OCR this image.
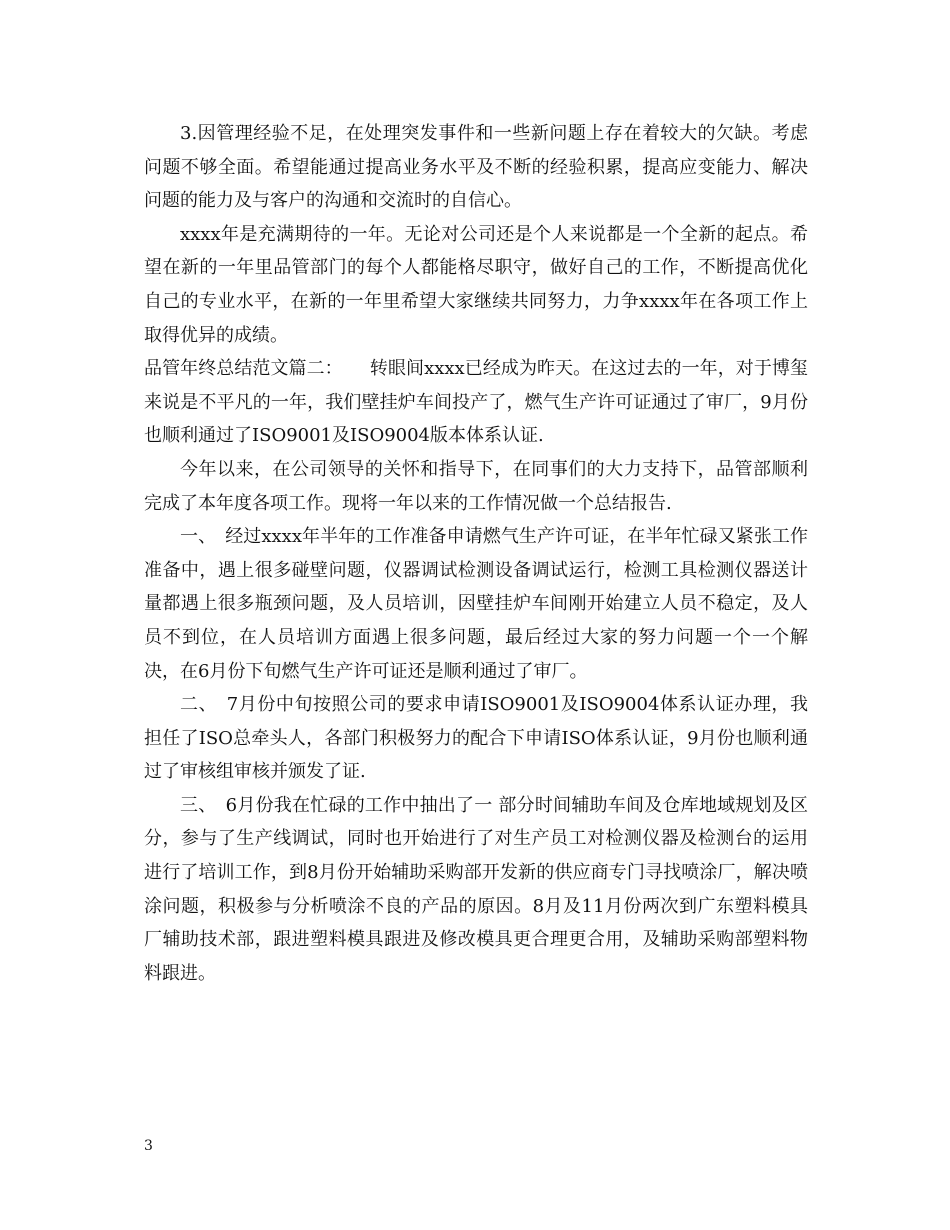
3.因管理经验不足，在处理突发事件和一些新问题上存在着较大的欠缺。考虑问题不够全面。希望能通过提高业务水平及不断的经验积累，提高应变能力、解决问题的能力及与客户的沟通和交流时的自信心。

xxxx年是充满期待的一年。无论对公司还是个人来说都是一个全新的起点。希望在新的一年里品管部门的每个人都能格尽职守，做好自己的工作，不断提高优化自己的专业水平，在新的一年里希望大家继续共同努力，力争xxxx年在各项工作上取得优异的成绩。

品管年终总结范文篇二：　　转眼间xxxx已经成为昨天。在这过去的一年，对于博玺来说是不平凡的一年，我们壁挂炉车间投产了，燃气生产许可证通过了审厂，9月份也顺利通过了ISO9001及ISO9004版本体系认证.

今年以来，在公司领导的关怀和指导下，在同事们的大力支持下，品管部顺利完成了本年度各项工作。现将一年以来的工作情况做一个总结报告.

一、　经过xxxx年半年的工作准备申请燃气生产许可证，在半年忙碌又紧张工作准备中，遇上很多碰壁问题，仪器调试检测设备调试运行，检测工具检测仪器送计量都遇上很多瓶颈问题，及人员培训，因壁挂炉车间刚开始建立人员不稳定，及人员不到位，在人员培训方面遇上很多问题，最后经过大家的努力问题一个一个解决，在6月份下旬燃气生产许可证还是顺利通过了审厂。

二、　7月份中旬按照公司的要求申请ISO9001及ISO9004体系认证办理，我担任了ISO总牵头人，各部门积极努力的配合下申请ISO体系认证，9月份也顺利通过了审核组审核并颁发了证.

三、　6月份我在忙碌的工作中抽出了一 部分时间辅助车间及仓库地域规划及区分，参与了生产线调试，同时也开始进行了对生产员工对检测仪器及检测台的运用进行了培训工作，到8月份开始辅助采购部开发新的供应商专门寻找喷涂厂，解决喷涂问题，积极参与分析喷涂不良的产品的原因。8月及11月份两次到广东塑料模具厂辅助技术部，跟进塑料模具跟进及修改模具更合理更合用，及辅助采购部塑料物料跟进。

3
